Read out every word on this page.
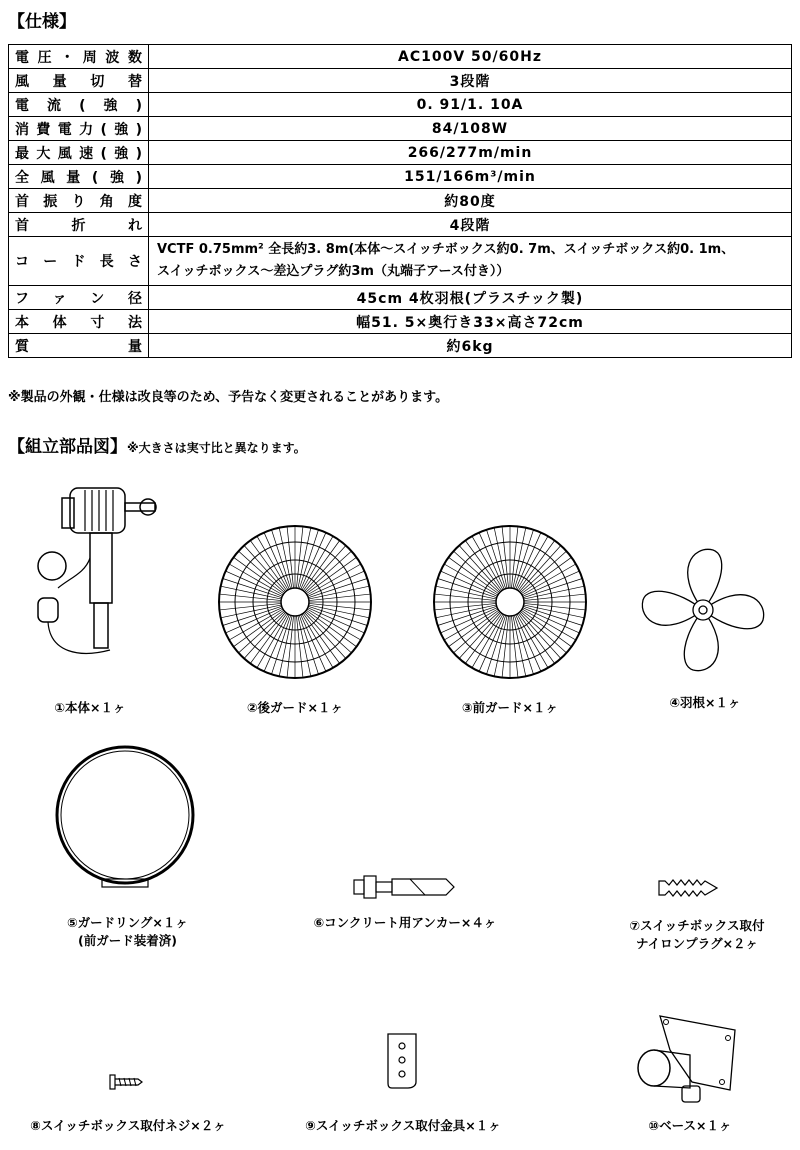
【仕様】
電圧・周波数	AC100V 50/60Hz
風量切替	3段階
電流(強)	0. 91/1. 10A
消費電力(強)	84/108W
最大風速(強)	266/277m/min
全風量(強)	151/166m³/min
首振り角度	約80度
首折れ	4段階
コード長さ	VCTF 0.75mm² 全長約3. 8m(本体〜スイッチボックス約0. 7m、スイッチボックス約0. 1m、
スイッチボックス〜差込プラグ約3m（丸端子アース付き））

ファン径	45cm 4枚羽根(プラスチック製)
本体寸法	幅51. 5×奥行き33×高さ72cm
質量	約6kg
※製品の外観・仕様は改良等のため、予告なく変更されることがあります。
【組立部品図】※大きさは実寸比と異なります。
①本体×１ヶ	②後ガード×１ヶ	③前ガード×１ヶ	④羽根×１ヶ
⑤ガードリング×１ヶ
(前ガード装着済)
⑥コンクリート用アンカー×４ヶ	⑦スイッチボックス取付
ナイロンプラグ×２ヶ
⑧スイッチボックス取付ネジ×２ヶ	⑨スイッチボックス取付金具×１ヶ	⑩ベース×１ヶ
